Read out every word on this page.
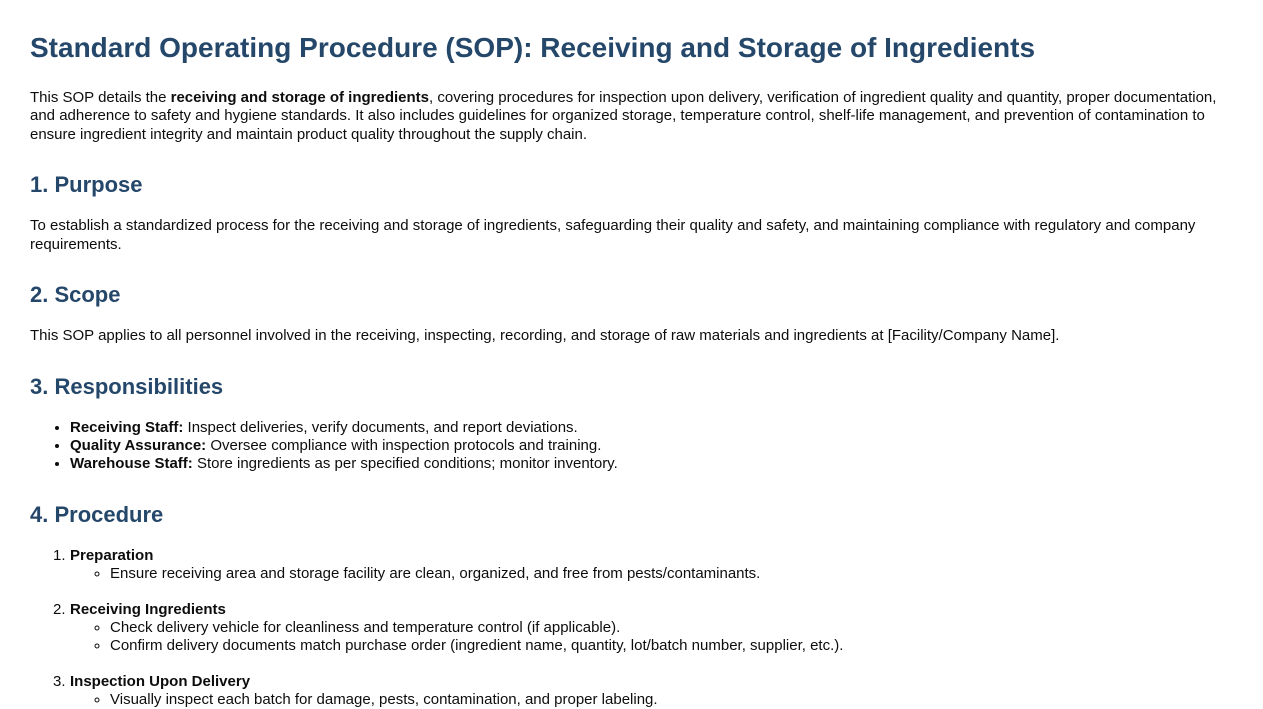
Standard Operating Procedure (SOP): Receiving and Storage of Ingredients

This SOP details the receiving and storage of ingredients, covering procedures for inspection upon delivery, verification of ingredient quality and quantity, proper documentation, and adherence to safety and hygiene standards. It also includes guidelines for organized storage, temperature control, shelf-life management, and prevention of contamination to ensure ingredient integrity and maintain product quality throughout the supply chain.

1. Purpose

To establish a standardized process for the receiving and storage of ingredients, safeguarding their quality and safety, and maintaining compliance with regulatory and company requirements.

2. Scope

This SOP applies to all personnel involved in the receiving, inspecting, recording, and storage of raw materials and ingredients at [Facility/Company Name].

3. Responsibilities
• Receiving Staff: Inspect deliveries, verify documents, and report deviations.
• Quality Assurance: Oversee compliance with inspection protocols and training.
• Warehouse Staff: Store ingredients as per specified conditions; monitor inventory.
4. Procedure
1. Preparation
◦ Ensure receiving area and storage facility are clean, organized, and free from pests/contaminants.
2. Receiving Ingredients
◦ Check delivery vehicle for cleanliness and temperature control (if applicable).
◦ Confirm delivery documents match purchase order (ingredient name, quantity, lot/batch number, supplier, etc.).
3. Inspection Upon Delivery
◦ Visually inspect each batch for damage, pests, contamination, and proper labeling.
